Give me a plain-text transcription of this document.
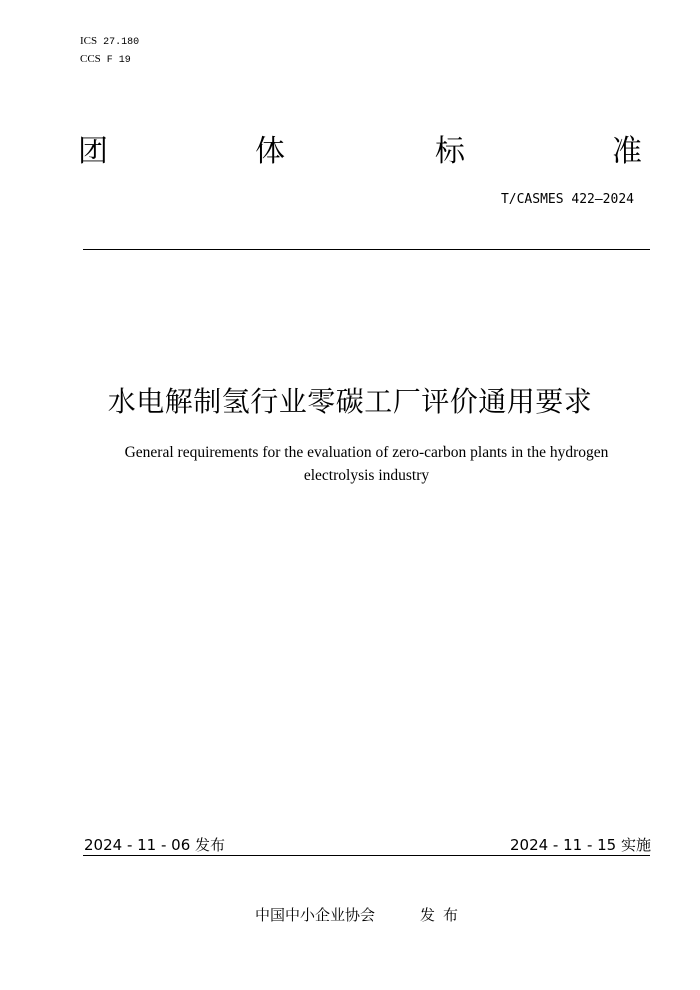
ICS 27.180
CCS F 19
团	体	标	准
T/CASMES 422—2024
水电解制氢行业零碳工厂评价通用要求
General requirements for the evaluation of zero-carbon plants in the hydrogen electrolysis industry
2024 - 11 - 06 发布	2024 - 11 - 15 实施
中国中小企业协会	发布
